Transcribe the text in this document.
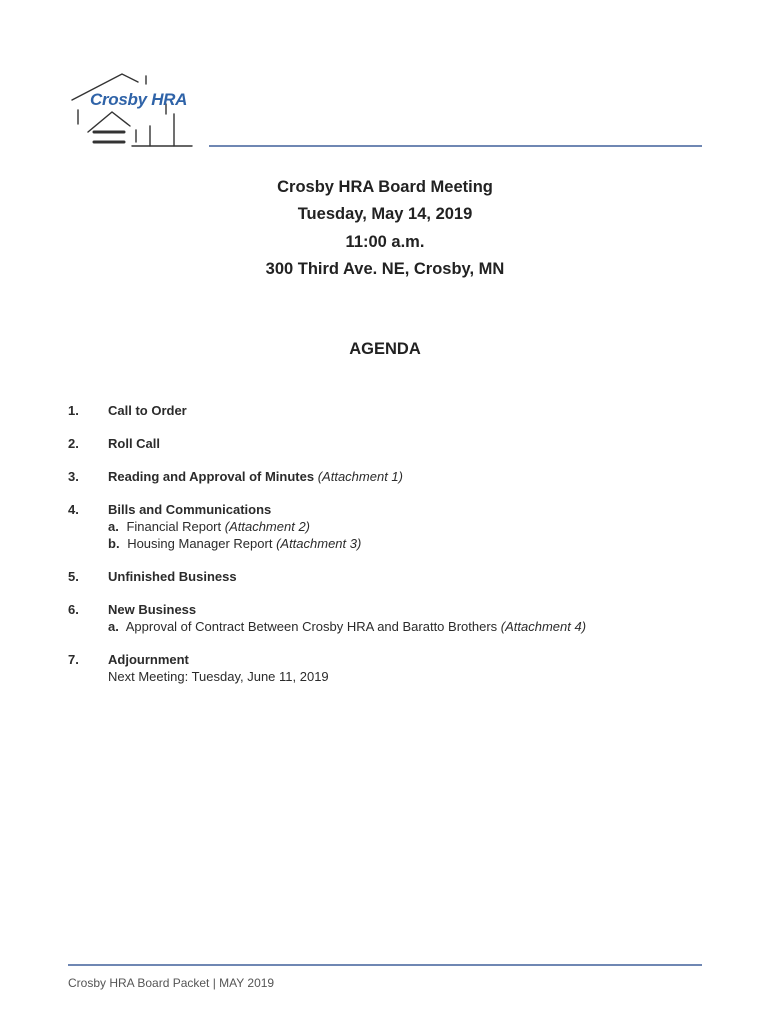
Crosby HRA
Crosby HRA Board Meeting
Tuesday, May 14, 2019
11:00 a.m.
300 Third Ave. NE, Crosby, MN
AGENDA
1. Call to Order
2. Roll Call
3. Reading and Approval of Minutes (Attachment 1)
4. Bills and Communications
a. Financial Report (Attachment 2)
b. Housing Manager Report (Attachment 3)
5. Unfinished Business
6. New Business
a. Approval of Contract Between Crosby HRA and Baratto Brothers (Attachment 4)
7. Adjournment
Next Meeting: Tuesday, June 11, 2019
Crosby HRA Board Packet | MAY 2019
